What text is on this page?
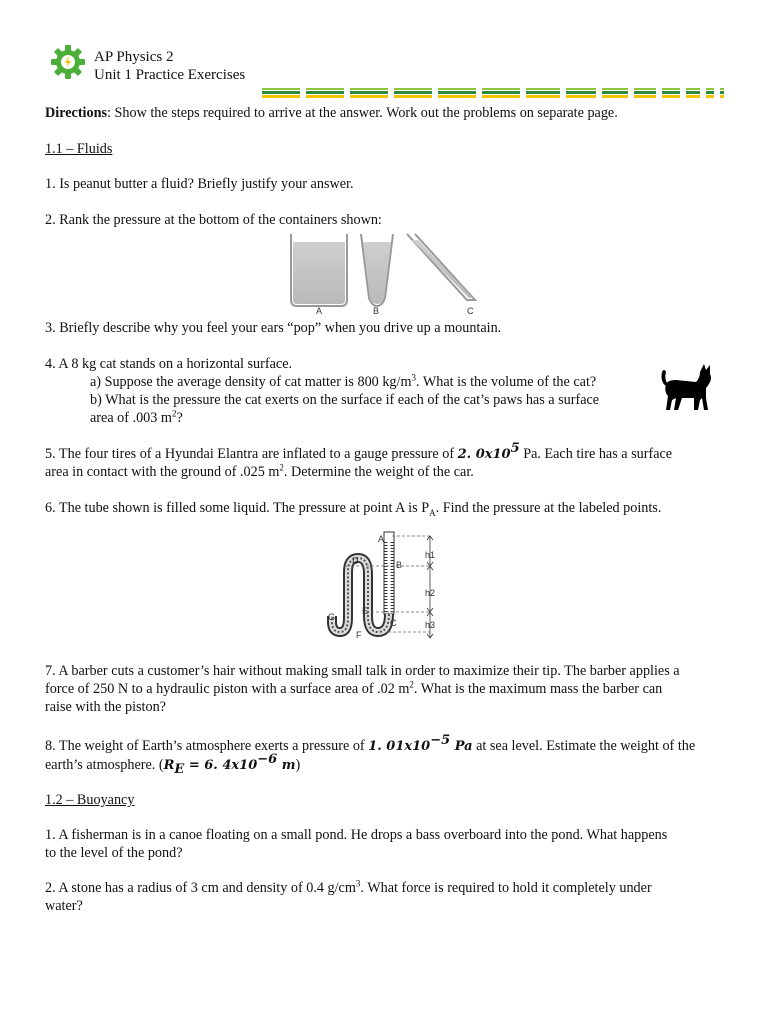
AP Physics 2
Unit 1 Practice Exercises
Directions: Show the steps required to arrive at the answer. Work out the problems on separate page.
1.1 – Fluids
1. Is peanut butter a fluid? Briefly justify your answer.
2. Rank the pressure at the bottom of the containers shown:
A	B	C
3. Briefly describe why you feel your ears “pop” when you drive up a mountain.
4. A 8 kg cat stands on a horizontal surface.
a) Suppose the average density of cat matter is 800 $kg/m^3$. What is the volume of the cat?
b) What is the pressure the cat exerts on the surface if each of the cat’s paws has a surface
area of .003 $m^2$?
5. The four tires of a Hyundai Elantra are inflated to a gauge pressure of 2. $0x10^5$ Pa. Each tire has a surface
area in contact with the ground of .025 $m^2$. Determine the weight of the car.
6. The tube shown is filled some liquid. The pressure at point A is $P_A$. Find the pressure at the labeled points.
A
B
C
D
E
F
G
h1
h2
h3
7. A barber cuts a customer’s hair without making small talk in order to maximize their tip. The barber applies a
force of 250 N to a hydraulic piston with a surface area of .02 $m^2$. What is the maximum mass the barber can
raise with the piston?
8. The weight of Earth’s atmosphere exerts a pressure of 1. $01x10^{-5}$ Pa at sea level. Estimate the weight of the
earth’s atmosphere. ($R_E = 6$. $4x10^{-6}$ m)
1.2 – Buoyancy
1. A fisherman is in a canoe floating on a small pond. He drops a bass overboard into the pond. What happens
to the level of the pond?
2. A stone has a radius of 3 cm and density of 0.4 $g/cm^3$. What force is required to hold it completely under
water?
